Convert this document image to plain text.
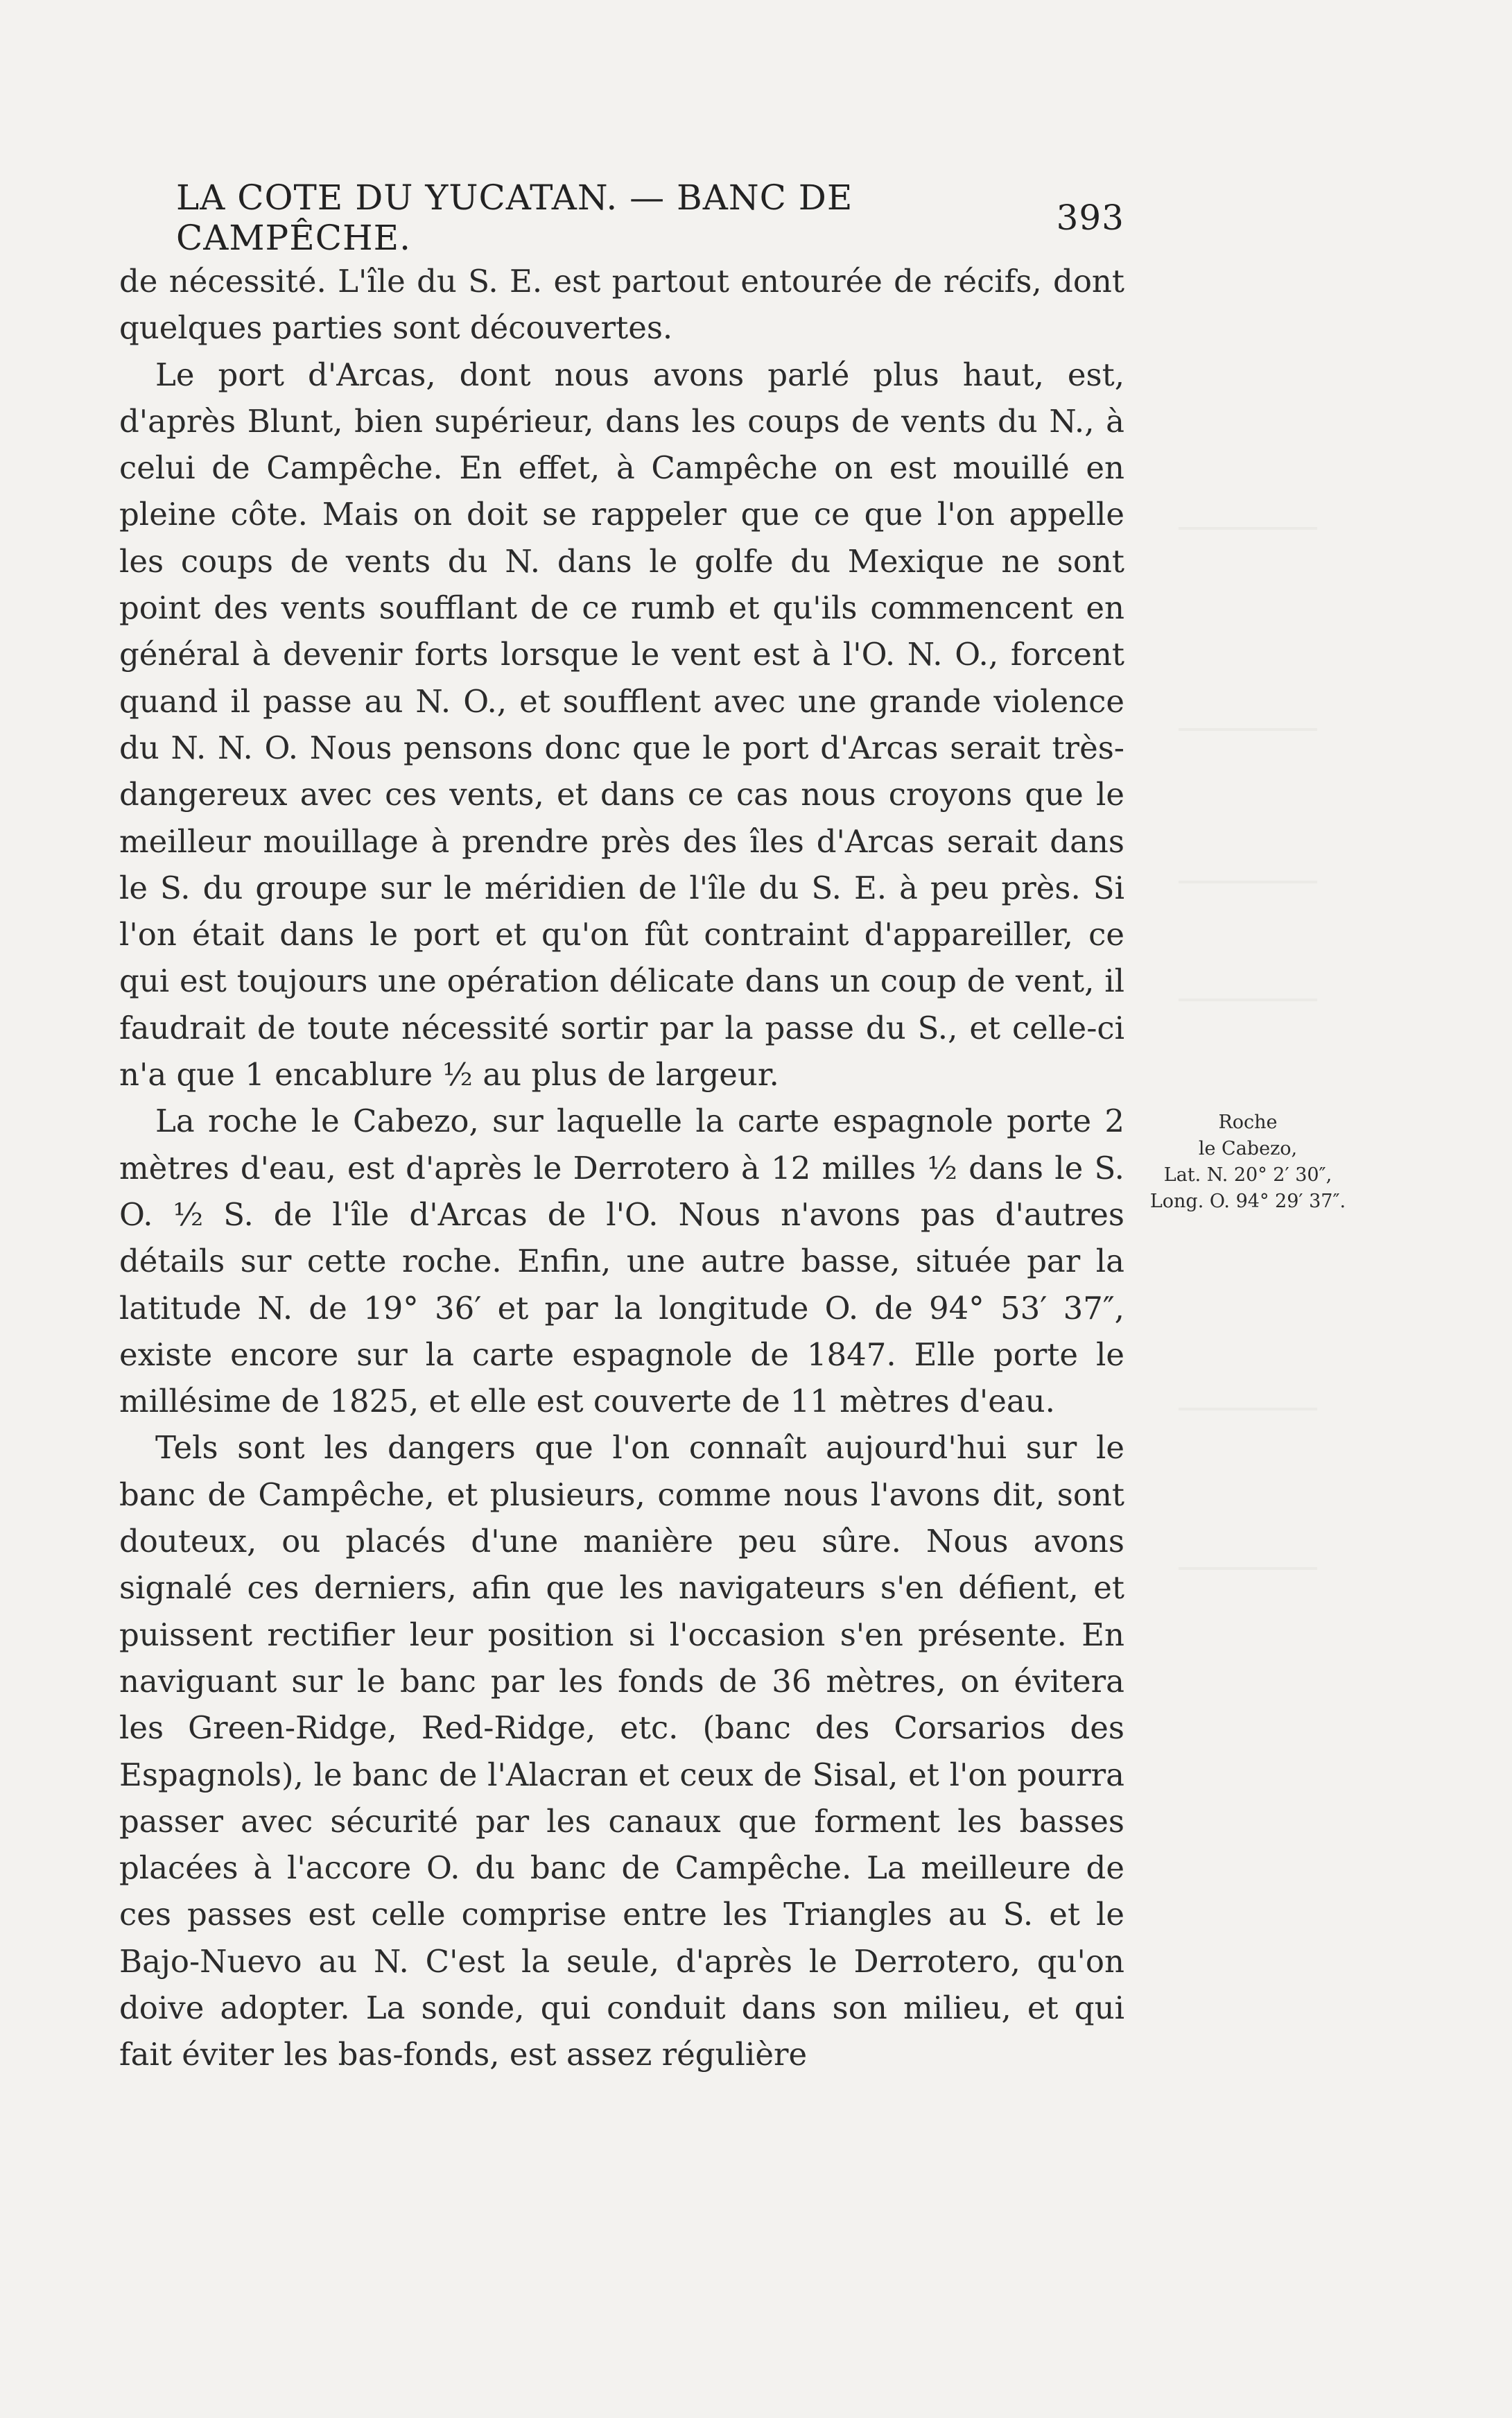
LA COTE DU YUCATAN. — BANC DE CAMPÊCHE.	393

de nécessité. L'île du S. E. est partout entourée de récifs, dont quelques parties sont découvertes.

Le port d'Arcas, dont nous avons parlé plus haut, est, d'après Blunt, bien supérieur, dans les coups de vents du N., à celui de Campêche. En effet, à Campêche on est mouillé en pleine côte. Mais on doit se rappeler que ce que l'on appelle les coups de vents du N. dans le golfe du Mexique ne sont point des vents soufflant de ce rumb et qu'ils commencent en général à devenir forts lorsque le vent est à l'O. N. O., forcent quand il passe au N. O., et soufflent avec une grande violence du N. N. O. Nous pensons donc que le port d'Arcas serait très-dangereux avec ces vents, et dans ce cas nous croyons que le meilleur mouillage à prendre près des îles d'Arcas serait dans le S. du groupe sur le méridien de l'île du S. E. à peu près. Si l'on était dans le port et qu'on fût contraint d'appareiller, ce qui est toujours une opération délicate dans un coup de vent, il faudrait de toute nécessité sortir par la passe du S., et celle-ci n'a que 1 encablure ½ au plus de largeur.

La roche le Cabezo, sur laquelle la carte espagnole porte 2 mètres d'eau, est d'après le Derrotero à 12 milles ½ dans le S. O. ½ S. de l'île d'Arcas de l'O. Nous n'avons pas d'autres détails sur cette roche. Enfin, une autre basse, située par la latitude N. de 19° 36′ et par la longitude O. de 94° 53′ 37″, existe encore sur la carte espagnole de 1847. Elle porte le millésime de 1825, et elle est couverte de 11 mètres d'eau.

Tels sont les dangers que l'on connaît aujourd'hui sur le banc de Campêche, et plusieurs, comme nous l'avons dit, sont douteux, ou placés d'une manière peu sûre. Nous avons signalé ces derniers, afin que les navigateurs s'en défient, et puissent rectifier leur position si l'occasion s'en présente. En naviguant sur le banc par les fonds de 36 mètres, on évitera les Green-Ridge, Red-Ridge, etc. (banc des Corsarios des Espagnols), le banc de l'Alacran et ceux de Sisal, et l'on pourra passer avec sécurité par les canaux que forment les basses placées à l'accore O. du banc de Campêche. La meilleure de ces passes est celle comprise entre les Triangles au S. et le Bajo-Nuevo au N. C'est la seule, d'après le Derrotero, qu'on doive adopter. La sonde, qui conduit dans son milieu, et qui fait éviter les bas-fonds, est assez régulière

Roche
le Cabezo,
Lat. N. 20° 2′ 30″,
Long. O. 94° 29′ 37″.
